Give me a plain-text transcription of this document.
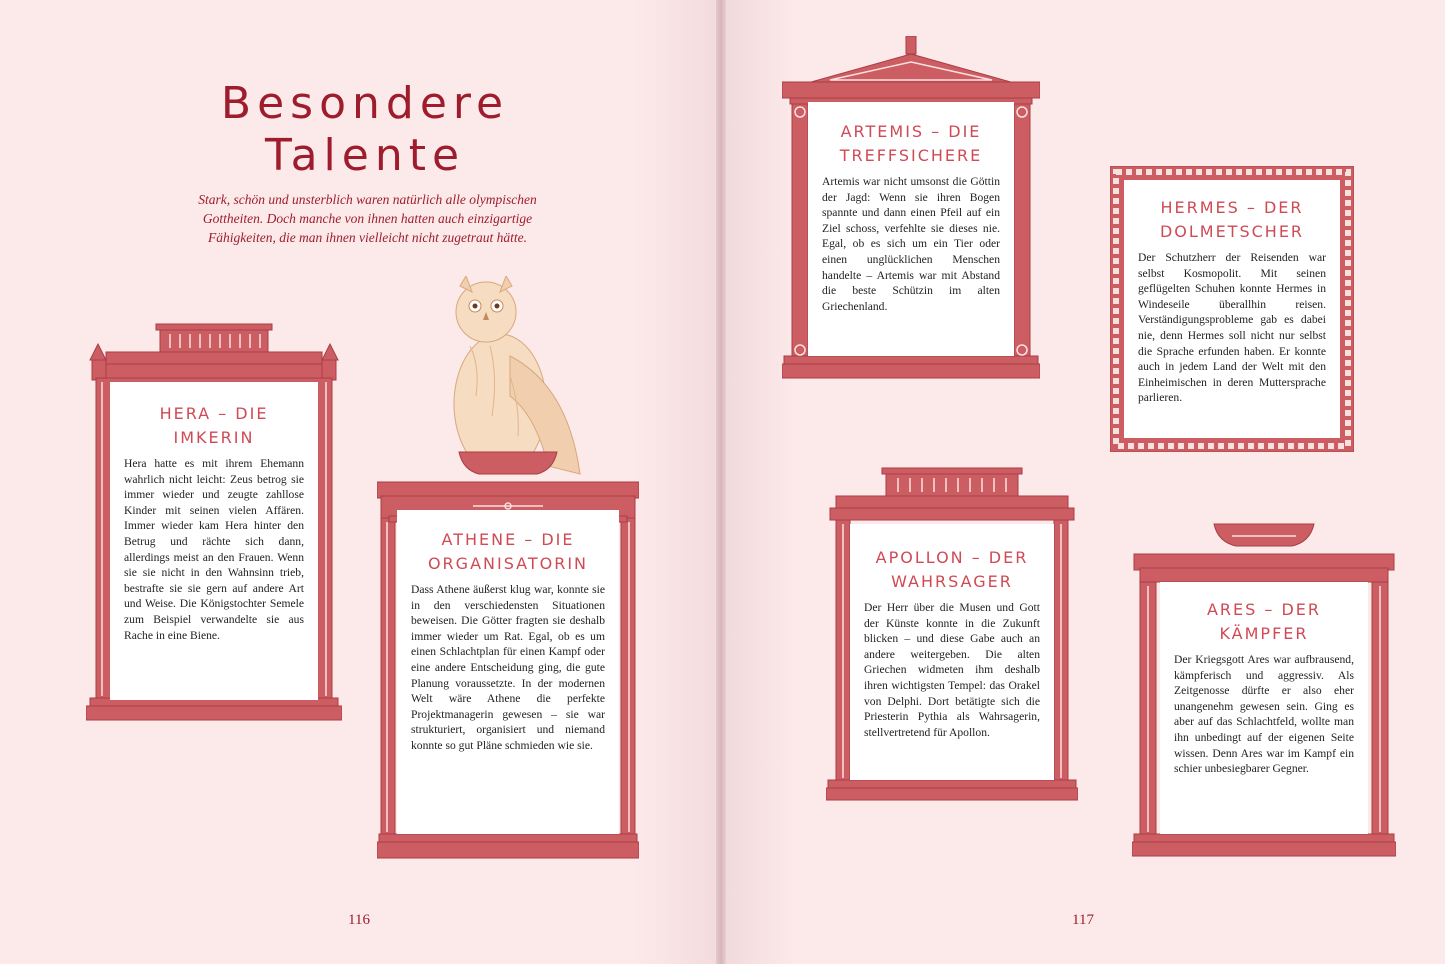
Besondere
Talente

Stark, schön und unsterblich waren natürlich alle olympischen Gottheiten. Doch manche von ihnen hatten auch einzigartige Fähigkeiten, die man ihnen vielleicht nicht zugetraut hätte.

HERA – DIE IMKERIN

Hera hatte es mit ihrem Ehemann wahrlich nicht leicht: Zeus betrog sie immer wieder und zeugte zahllose Kinder mit seinen vielen Affären. Immer wieder kam Hera hinter den Betrug und rächte sich dann, allerdings meist an den Frauen. Wenn sie sie nicht in den Wahnsinn trieb, bestrafte sie sie gern auf andere Art und Weise. Die Königstochter Semele zum Beispiel verwandelte sie aus Rache in eine Biene.

ATHENE – DIE ORGANISATORIN

Dass Athene äußerst klug war, konnte sie in den verschiedensten Situationen beweisen. Die Götter fragten sie deshalb immer wieder um Rat. Egal, ob es um einen Schlachtplan für einen Kampf oder eine andere Entscheidung ging, die gute Planung voraussetzte. In der modernen Welt wäre Athene die perfekte Projektmanagerin gewesen – sie war strukturiert, organisiert und niemand konnte so gut Pläne schmieden wie sie.

ARTEMIS – DIE TREFFSICHERE

Artemis war nicht umsonst die Göttin der Jagd: Wenn sie ihren Bogen spannte und dann einen Pfeil auf ein Ziel schoss, verfehlte sie dieses nie. Egal, ob es sich um ein Tier oder einen unglücklichen Menschen handelte – Artemis war mit Abstand die beste Schützin im alten Griechenland.

HERMES – DER DOLMETSCHER

Der Schutzherr der Reisenden war selbst Kosmopolit. Mit seinen geflügelten Schuhen konnte Hermes in Windeseile überallhin reisen. Verständigungsprobleme gab es dabei nie, denn Hermes soll nicht nur selbst die Sprache erfunden haben. Er konnte auch in jedem Land der Welt mit den Einheimischen in deren Muttersprache parlieren.

APOLLON – DER WAHRSAGER

Der Herr über die Musen und Gott der Künste konnte in die Zukunft blicken – und diese Gabe auch an andere weitergeben. Die alten Griechen widmeten ihm deshalb ihren wichtigsten Tempel: das Orakel von Delphi. Dort betätigte sich die Priesterin Pythia als Wahrsagerin, stellvertretend für Apollon.

ARES – DER KÄMPFER

Der Kriegsgott Ares war aufbrausend, kämpferisch und aggressiv. Als Zeitgenosse dürfte er also eher unangenehm gewesen sein. Ging es aber auf das Schlachtfeld, wollte man ihn unbedingt auf der eigenen Seite wissen. Denn Ares war im Kampf ein schier unbesiegbarer Gegner.

116	117
